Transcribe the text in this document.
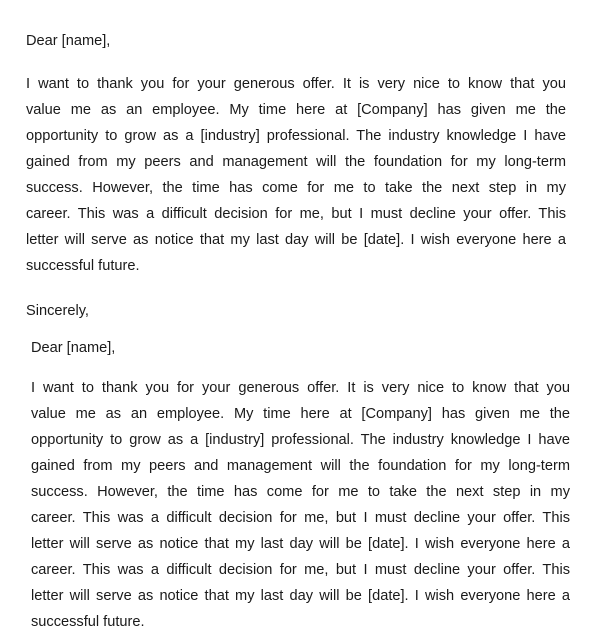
Dear [name],
I want to thank you for your generous offer. It is very nice to know that you
value me as an employee. My time here at [Company] has given me the
opportunity to grow as a [industry] professional. The industry knowledge I have
gained from my peers and management will the foundation for my long-term
success. However, the time has come for me to take the next step in my
career. This was a difficult decision for me, but I must decline your offer. This
letter will serve as notice that my last day will be [date]. I wish everyone here a
successful future.
Sincerely,
Dear [name],
I want to thank you for your generous offer. It is very nice to know that you
value me as an employee. My time here at [Company] has given me the
opportunity to grow as a [industry] professional. The industry knowledge I have
gained from my peers and management will the foundation for my long-term
success. However, the time has come for me to take the next step in my
career. This was a difficult decision for me, but I must decline your offer. This
letter will serve as notice that my last day will be [date]. I wish everyone here a
career. This was a difficult decision for me, but I must decline your offer. This
letter will serve as notice that my last day will be [date]. I wish everyone here a
successful future.
